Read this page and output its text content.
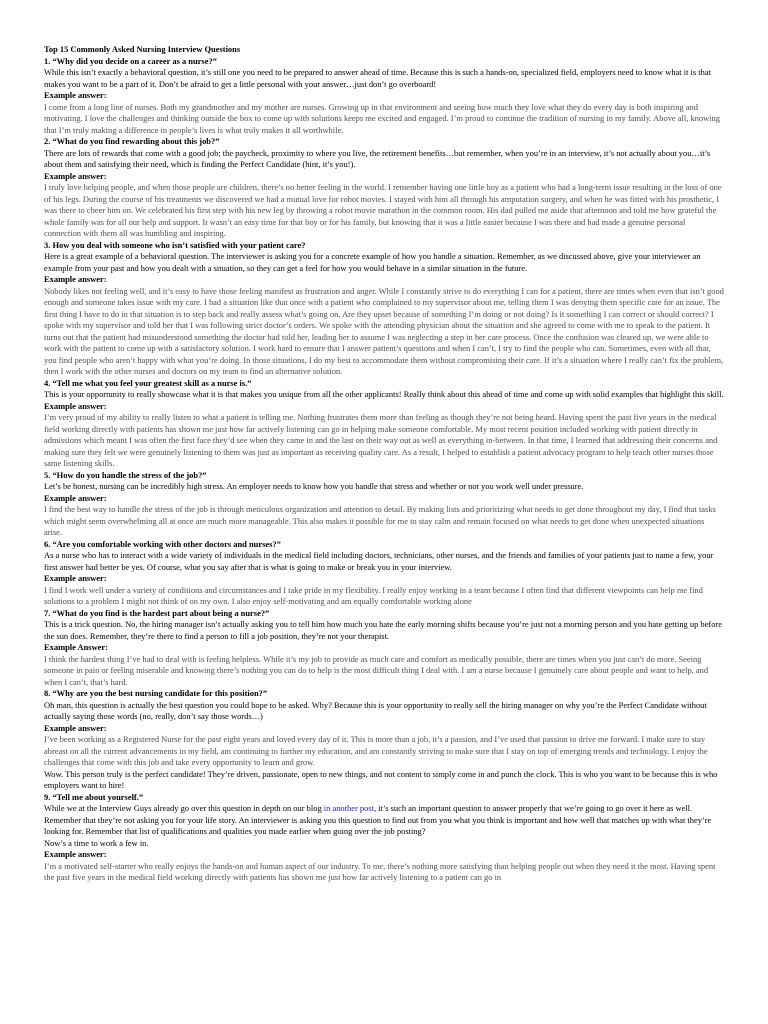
Top 15 Commonly Asked Nursing Interview Questions

1. “Why did you decide on a career as a nurse?”

While this isn’t exactly a behavioral question, it’s still one you need to be prepared to answer ahead of time. Because this is such a hands-on, specialized field, employers need to know what it is that makes you want to be a part of it. Don’t be afraid to get a little personal with your answer…just don’t go overboard!

Example answer:

I come from a long line of nurses. Both my grandmother and my mother are nurses. Growing up in that environment and seeing how much they love what they do every day is both inspiring and motivating. I love the challenges and thinking outside the box to come up with solutions keeps me excited and engaged. I’m proud to continue the tradition of nursing in my family. Above all, knowing that I’m truly making a difference in people’s lives is what truly makes it all worthwhile.

2. “What do you find rewarding about this job?”

There are lots of rewards that come with a good job; the paycheck, proximity to where you live, the retirement benefits…but remember, when you’re in an interview, it’s not actually about you…it’s about them and satisfying their need, which is finding the Perfect Candidate (hint, it’s you!).

Example answer:

I truly love helping people, and when those people are children, there’s no better feeling in the world. I remember having one little boy as a patient who had a long-term issue resulting in the loss of one of his legs. During the course of his treatments we discovered we had a mutual love for robot movies. I stayed with him all through his amputation surgery, and when he was fitted with his prosthetic, I was there to cheer him on. We celebrated his first step with his new leg by throwing a robot movie marathon in the common room. His dad pulled me aside that afternoon and told me how grateful the whole family was for all our help and support. It wasn’t an easy time for that boy or for his family, but knowing that it was a little easier because I was there and had made a genuine personal connection with them all was humbling and inspiring.

3. How you deal with someone who isn’t satisfied with your patient care?

Here is a great example of a behavioral question. The interviewer is asking you for a concrete example of how you handle a situation. Remember, as we discussed above, give your interviewer an example from your past and how you dealt with a situation, so they can get a feel for how you would behave in a similar situation in the future.

Example answer:

Nobody likes not feeling well, and it’s easy to have those feeling manifest as frustration and anger. While I constantly strive to do everything I can for a patient, there are times when even that isn’t good enough and someone takes issue with my care. I had a situation like that once with a patient who complained to my supervisor about me, telling them I was denying them specific care for an issue. The first thing I have to do in that situation is to step back and really assess what’s going on. Are they upset because of something I’m doing or not doing? Is it something I can correct or should correct? I spoke with my supervisor and told her that I was following strict doctor’s orders. We spoke with the attending physician about the situation and she agreed to come with me to speak to the patient. It turns out that the patient had misunderstood something the doctor had told her, leading her to assume I was neglecting a step in her care process. Once the confusion was cleared up, we were able to work with the patient to come up with a satisfactory solution. I work hard to ensure that I answer patient’s questions and when I can’t, I try to find the people who can. Sometimes, even with all that, you find people who aren’t happy with what you’re doing. In those situations, I do my best to accommodate them without compromising their care. If it’s a situation where I really can’t fix the problem, then I work with the other nurses and doctors on my team to find an alternative solution.

4. “Tell me what you feel your greatest skill as a nurse is.”

This is your opportunity to really showcase what it is that makes you unique from all the other applicants! Really think about this ahead of time and come up with solid examples that highlight this skill.

Example answer:

I’m very proud of my ability to really listen to what a patient is telling me. Nothing frustrates them more than feeling as though they’re not being heard. Having spent the past five years in the medical field working directly with patients has shown me just how far actively listening can go in helping make someone comfortable. My most recent position included working with patient directly in admissions which meant I was often the first face they’d see when they came in and the last on their way out as well as everything in-between. In that time, I learned that addressing their concerns and making sure they felt we were genuinely listening to them was just as important as receiving quality care. As a result, I helped to establish a patient advocacy program to help teach other nurses those same listening skills.

5. “How do you handle the stress of the job?”

Let’s be honest, nursing can be incredibly high stress. An employer needs to know how you handle that stress and whether or not you work well under pressure.

Example answer:

I find the best way to handle the stress of the job is through meticulous organization and attention to detail. By making lists and prioritizing what needs to get done throughout my day, I find that tasks which might seem overwhelming all at once are much more manageable. This also makes it possible for me to stay calm and remain focused on what needs to get done when unexpected situations arise.

6. “Are you comfortable working with other doctors and nurses?”

As a nurse who has to interact with a wide variety of individuals in the medical field including doctors, technicians, other nurses, and the friends and families of your patients just to name a few, your first answer had better be yes. Of course, what you say after that is what is going to make or break you in your interview.

Example answer:

I find I work well under a variety of conditions and circumstances and I take pride in my flexibility. I really enjoy working in a team because I often find that different viewpoints can help me find solutions to a problem I might not think of on my own. I also enjoy self-motivating and am equally comfortable working alone

7. “What do you find is the hardest part about being a nurse?”

This is a trick question. No, the hiring manager isn’t actually asking you to tell him how much you hate the early morning shifts because you’re just not a morning person and you hate getting up before the sun does. Remember, they’re there to find a person to fill a job position, they’re not your therapist.

Example Answer:

I think the hardest thing I’ve had to deal with is feeling helpless. While it’s my job to provide as much care and comfort as medically possible, there are times when you just can’t do more. Seeing someone in pain or feeling miserable and knowing there’s nothing you can do to help is the most difficult thing I deal with. I am a nurse because I genuinely care about people and want to help, and when I can’t, that’s hard.

8. “Why are you the best nursing candidate for this position?”

Oh man, this question is actually the best question you could hope to be asked. Why? Because this is your opportunity to really sell the hiring manager on why you’re the Perfect Candidate without actually saying those words (no, really, don’t say those words…)

Example answer:

I’ve been working as a Registered Nurse for the past eight years and loved every day of it. This is more than a job, it’s a passion, and I’ve used that passion to drive me forward. I make sure to stay abreast on all the current advancements in my field, am continuing to further my education, and am constantly striving to make sure that I stay on top of emerging trends and technology. I enjoy the challenges that come with this job and take every opportunity to learn and grow.

Wow. This person truly is the perfect candidate! They’re driven, passionate, open to new things, and not content to simply come in and punch the clock. This is who you want to be because this is who employers want to hire!

9. “Tell me about yourself.”

While we at the Interview Guys already go over this question in depth on our blog in another post, it’s such an important question to answer properly that we’re going to go over it here as well.

Remember that they’re not asking you for your life story. An interviewer is asking you this question to find out from you what you think is important and how well that matches up with what they’re looking for. Remember that list of qualifications and qualities you made earlier when going over the job posting?

Now’s a time to work a few in.

Example answer:

I’m a motivated self-starter who really enjoys the hands-on and human aspect of our industry. To me, there’s nothing more satisfying than helping people out when they need it the most. Having spent the past five years in the medical field working directly with patients has shown me just how far actively listening to a patient can go in
